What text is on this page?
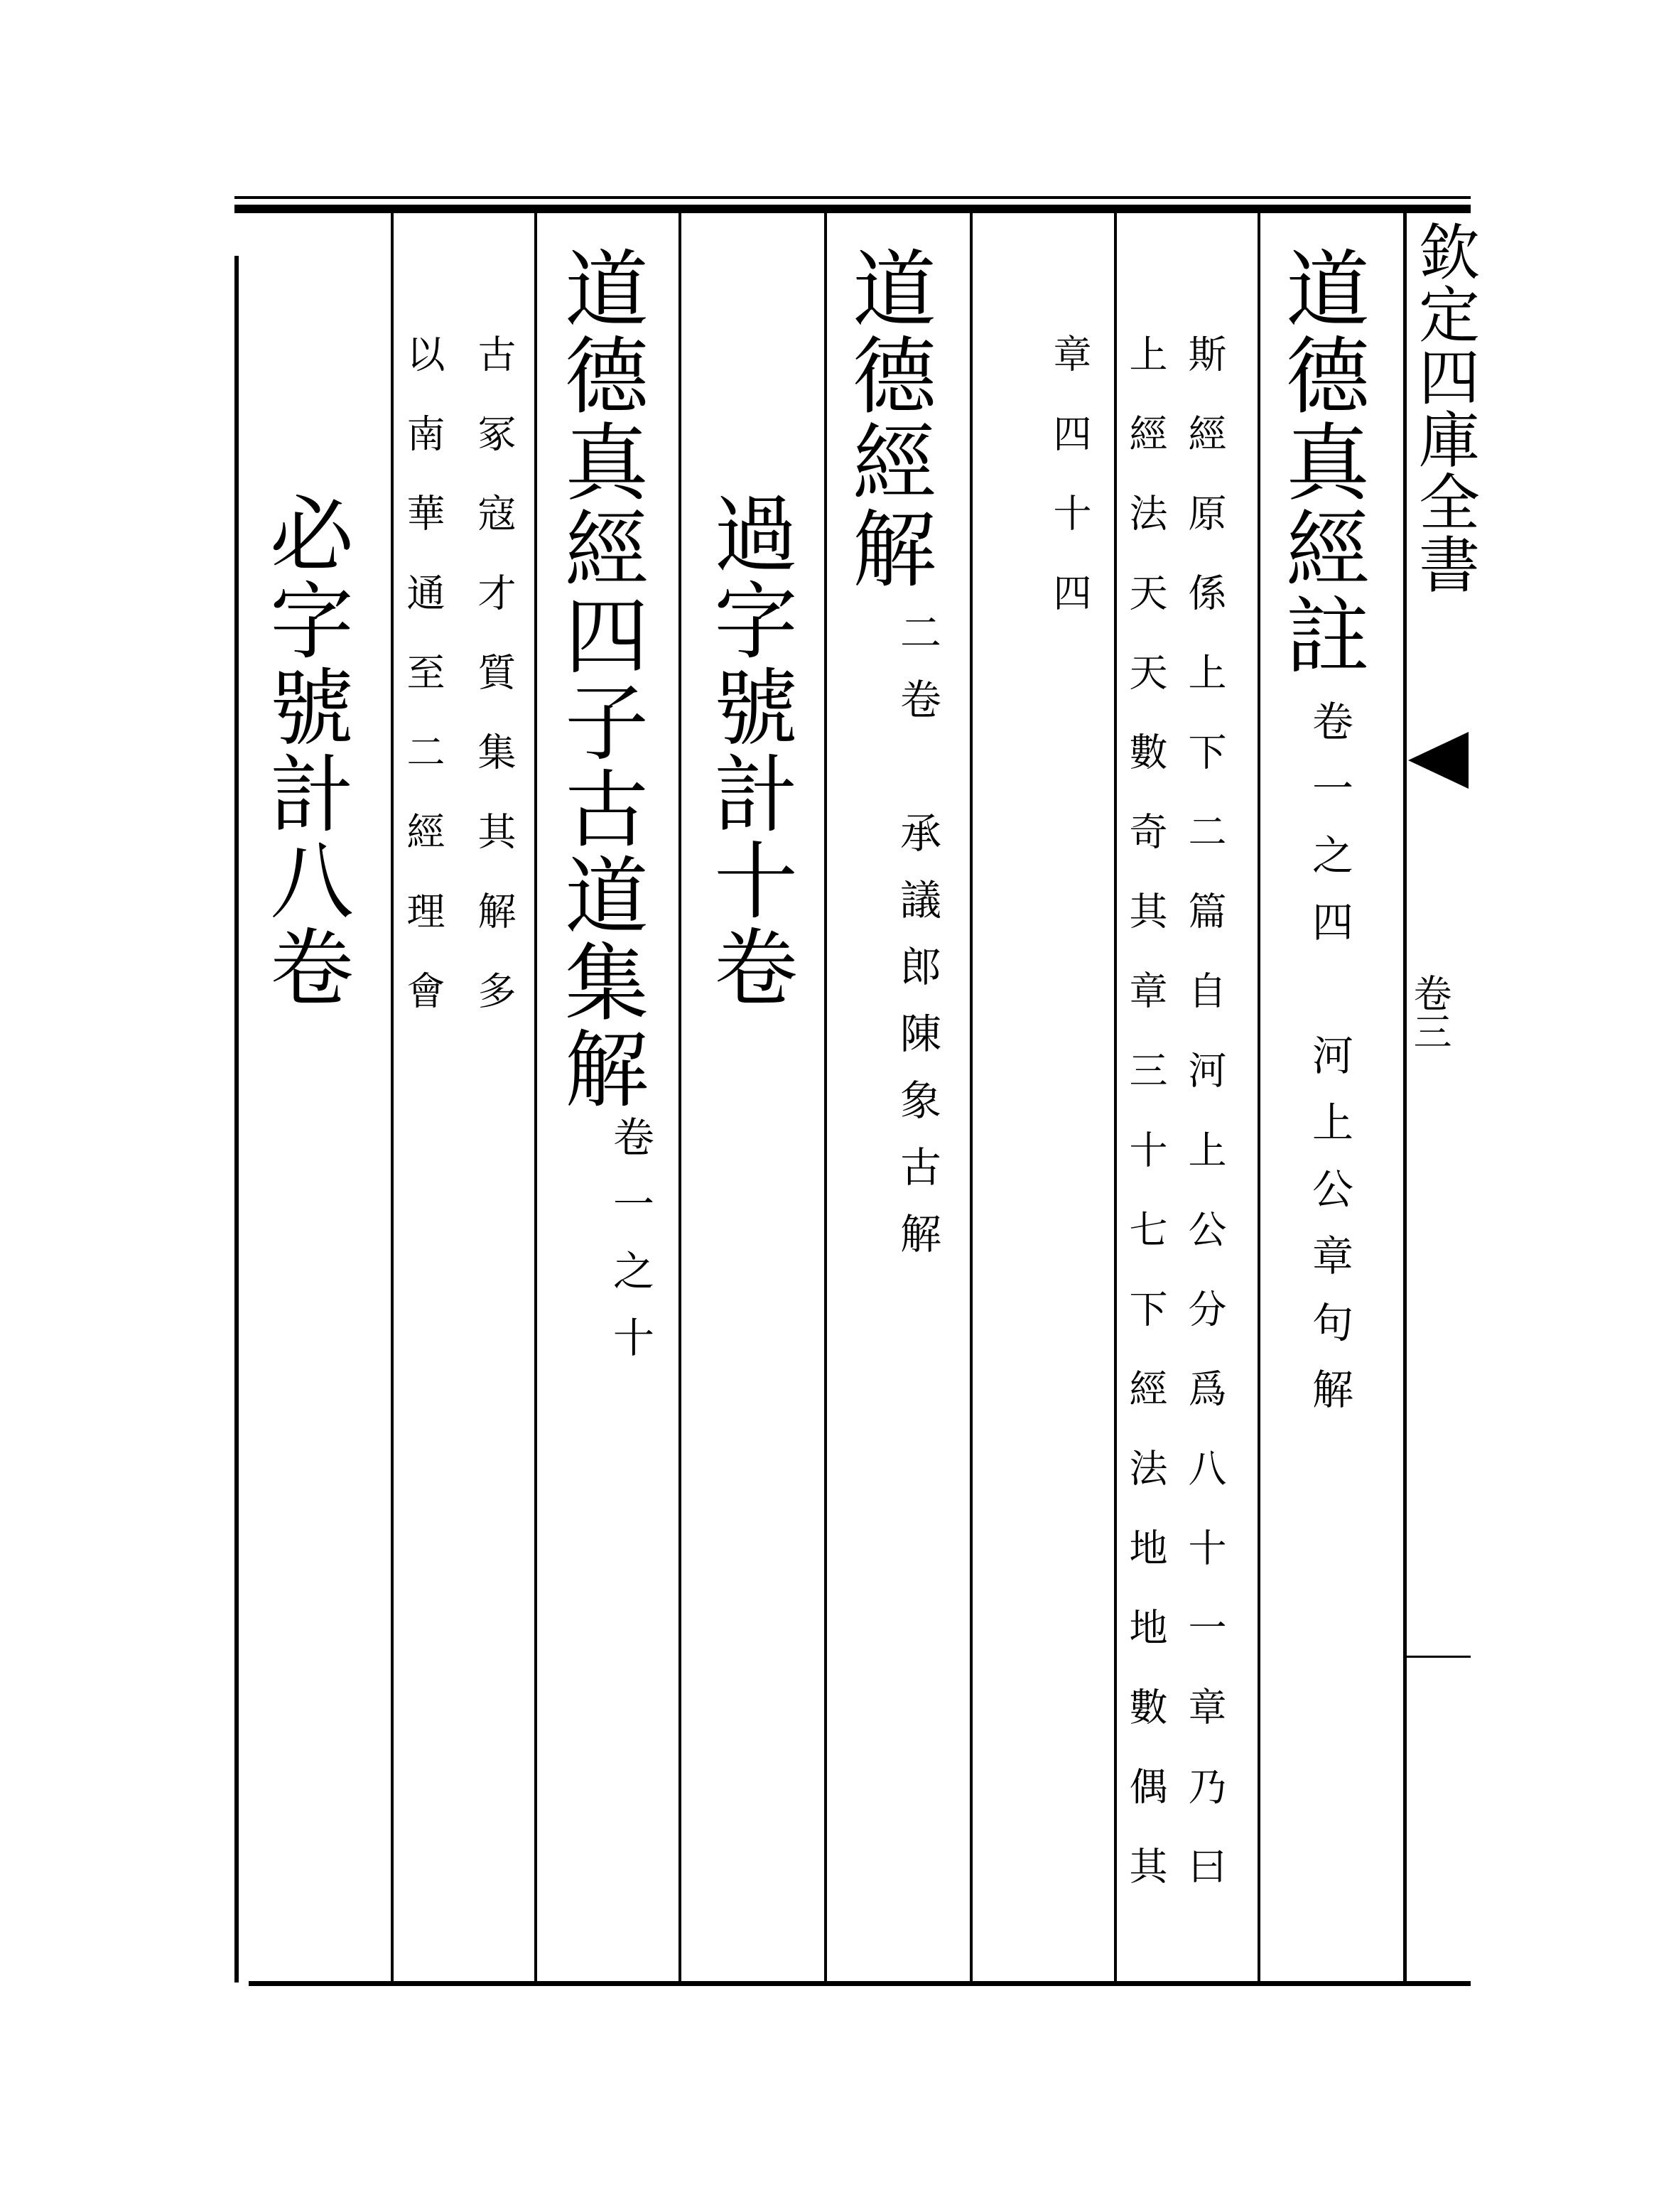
欽定四庫全書
卷三
道德真經註
卷一之四　河上公章句解
斯經原係上下二篇自河上公分爲八十一章乃曰
上經法天天數奇其章三十七下經法地地數偶其
章四十四
道德經解
二卷　承議郎陳象古解
過字號計十卷
道德真經四子古道集解
卷一之十
古冢寇才質集其解多
以南華通至二經理會
必字號計八卷
